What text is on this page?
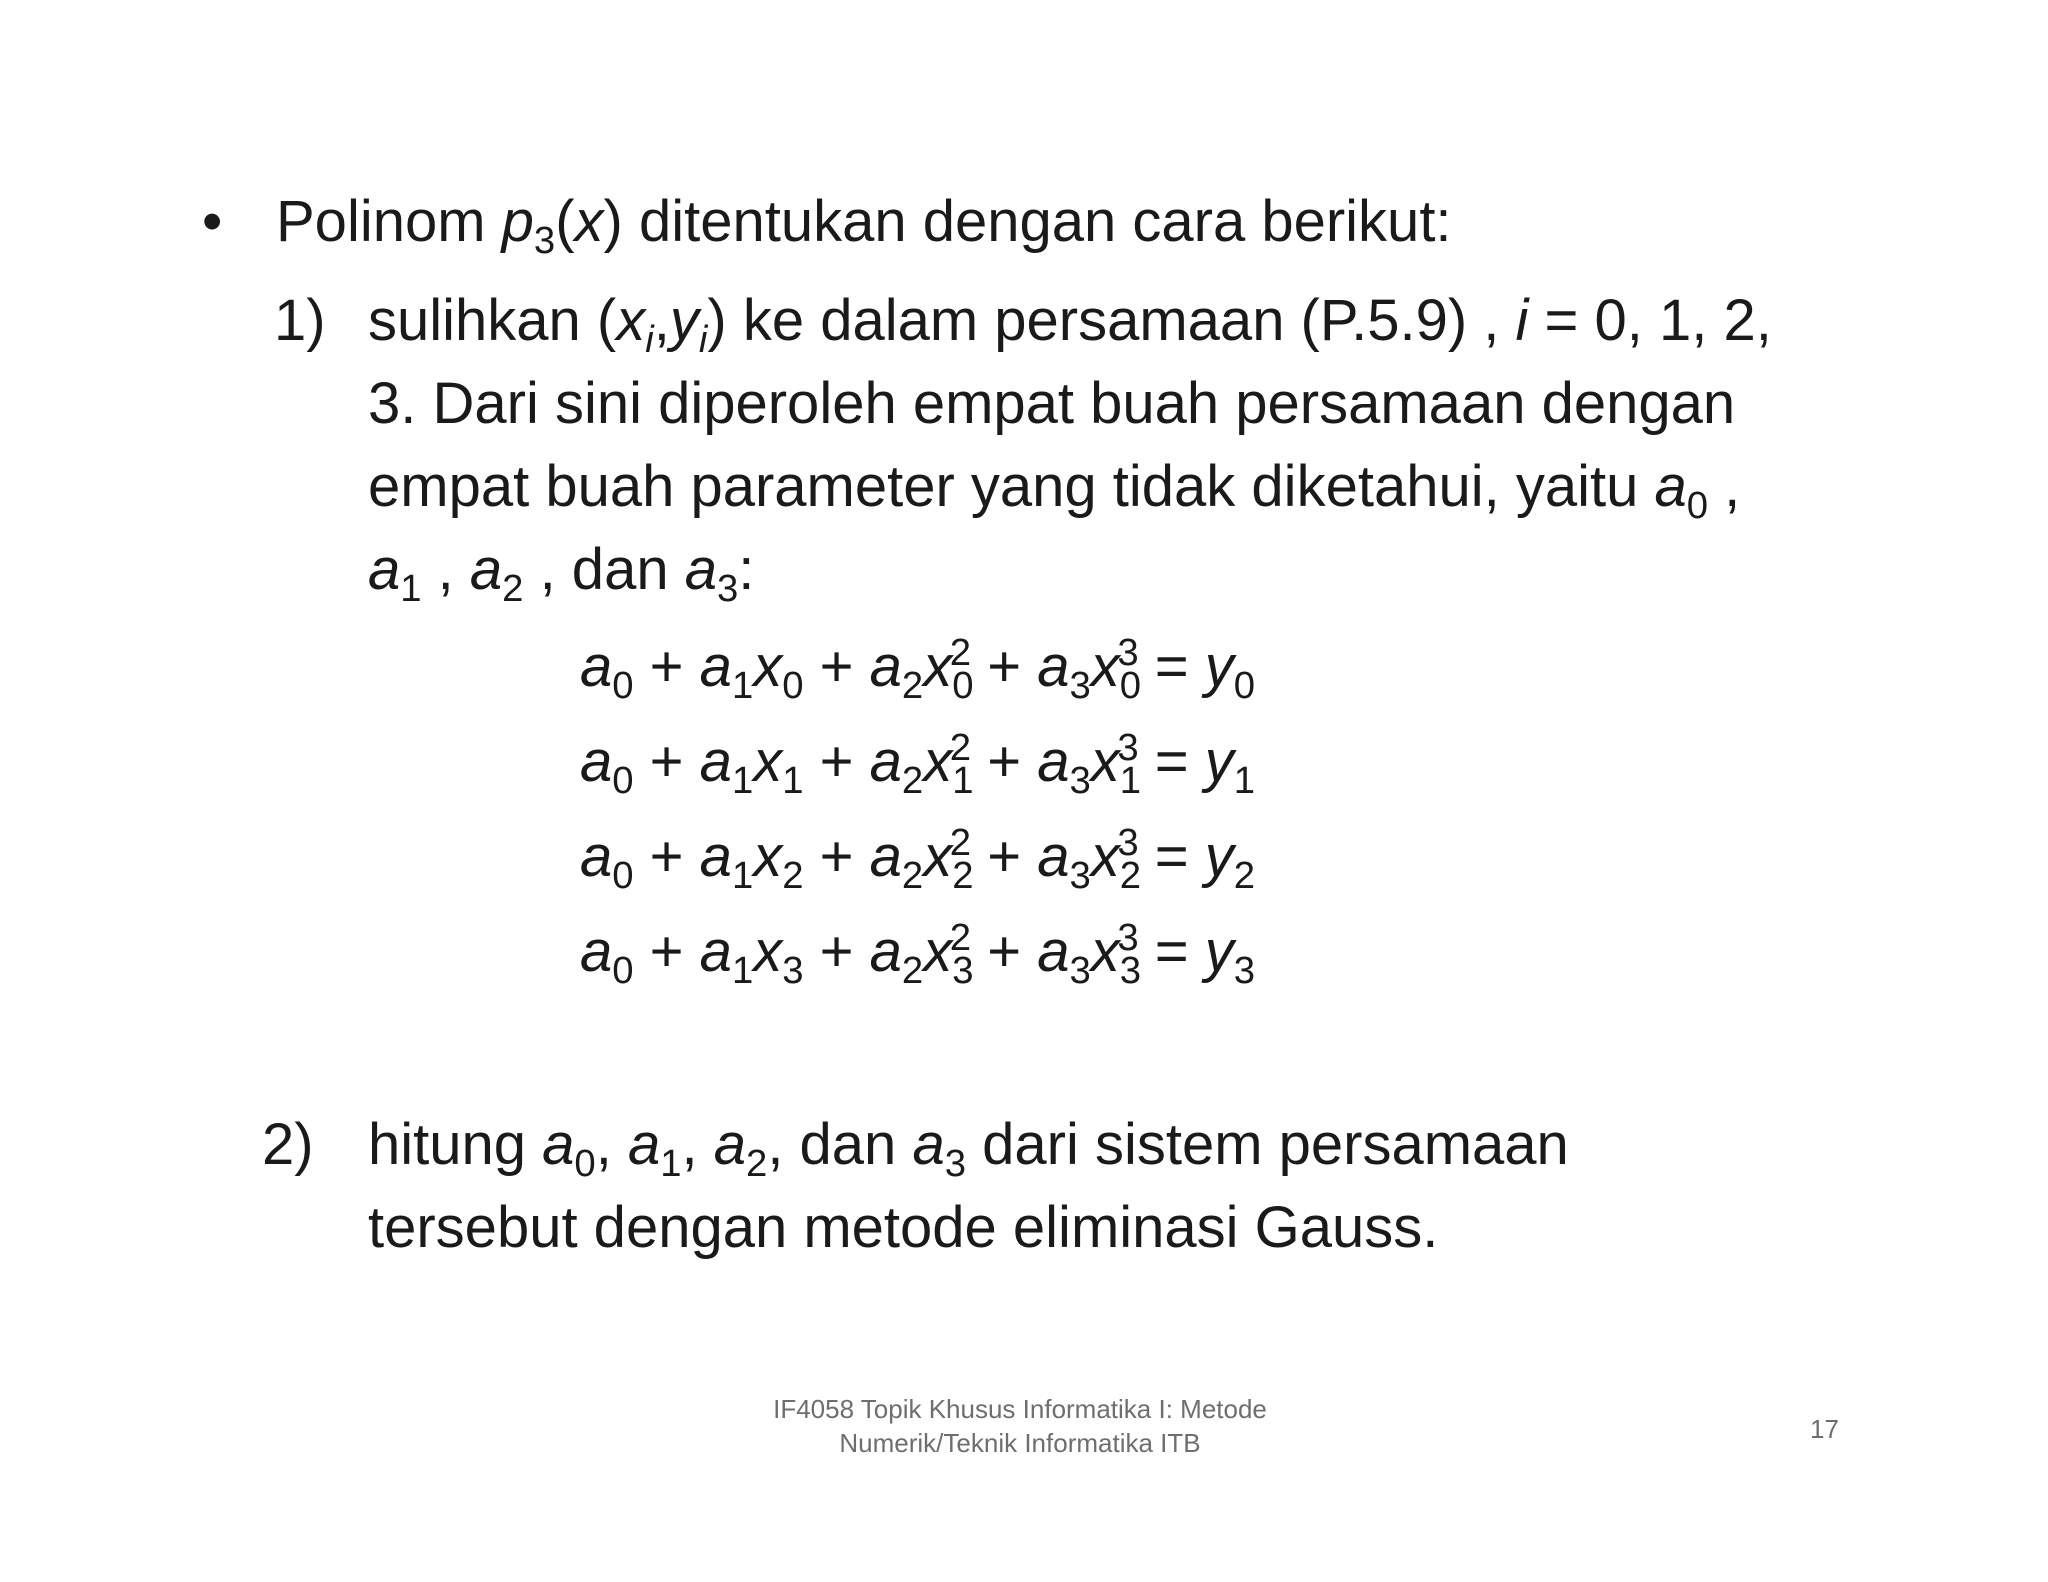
• Polinom $p_3(x)$ ditentukan dengan cara berikut:
1) sulihkan $(x_i,y_i)$ ke dalam persamaan (P.5.9) , i = 0, 1, 2,
3. Dari sini diperoleh empat buah persamaan dengan
empat buah parameter yang tidak diketahui, yaitu $a_0$ ,
$a_1$ , $a_2$ , dan $a_3$:
$a_0 + a_1x_0 + a_2x_0^2 + a_3x_0^3 = y_0$
$a_0 + a_1x_1 + a_2x_1^2 + a_3x_1^3 = y_1$
$a_0 + a_1x_2 + a_2x_2^2 + a_3x_2^3 = y_2$
$a_0 + a_1x_3 + a_2x_3^2 + a_3x_3^3 = y_3$
2) hitung $a_0$, $a_1$, $a_2$, dan $a_3$ dari sistem persamaan
tersebut dengan metode eliminasi Gauss.
IF4058 Topik Khusus Informatika I: Metode
Numerik/Teknik Informatika ITB	17
